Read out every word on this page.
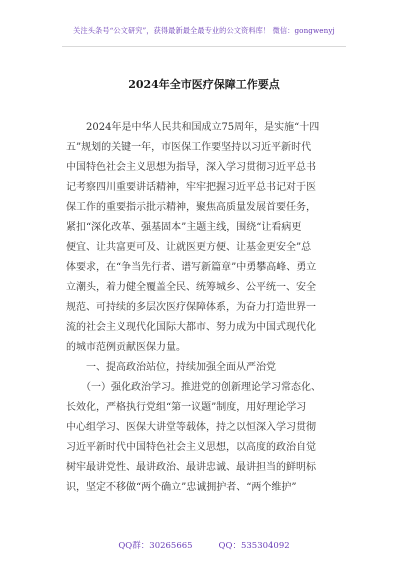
关注头条号“公文研究”，获得最新最全最专业的公文资料库！ 微信：gongwenyj
2024年全市医疗保障工作要点
　　2024年是中华人民共和国成立75周年，是实施“十四
五”规划的关键一年，市医保工作要坚持以习近平新时代
中国特色社会主义思想为指导，深入学习贯彻习近平总书
记考察四川重要讲话精神，牢牢把握习近平总书记对于医
保工作的重要指示批示精神，聚焦高质量发展首要任务，
紧扣“深化改革、强基固本”主题主线，围绕“让看病更
便宜、让共富更可及、让就医更方便、让基金更安全”总
体要求，在“争当先行者、谱写新篇章”中勇攀高峰、勇立
立潮头，着力健全覆盖全民、统筹城乡、公平统一、安全
规范、可持续的多层次医疗保障体系，为奋力打造世界一
流的社会主义现代化国际大都市、努力成为中国式现代化
的城市范例贡献医保力量。
　　一、提高政治站位，持续加强全面从严治党
　　（一）强化政治学习。推进党的创新理论学习常态化、
长效化，严格执行党组“第一议题”制度，用好理论学习
中心组学习、医保大讲堂等载体，持之以恒深入学习贯彻
习近平新时代中国特色社会主义思想，以高度的政治自觉
树牢最讲党性、最讲政治、最讲忠诚、最讲担当的鲜明标
识，坚定不移做“两个确立”忠诚拥护者、“两个维护”
QQ群：30265665	QQ：535304092
